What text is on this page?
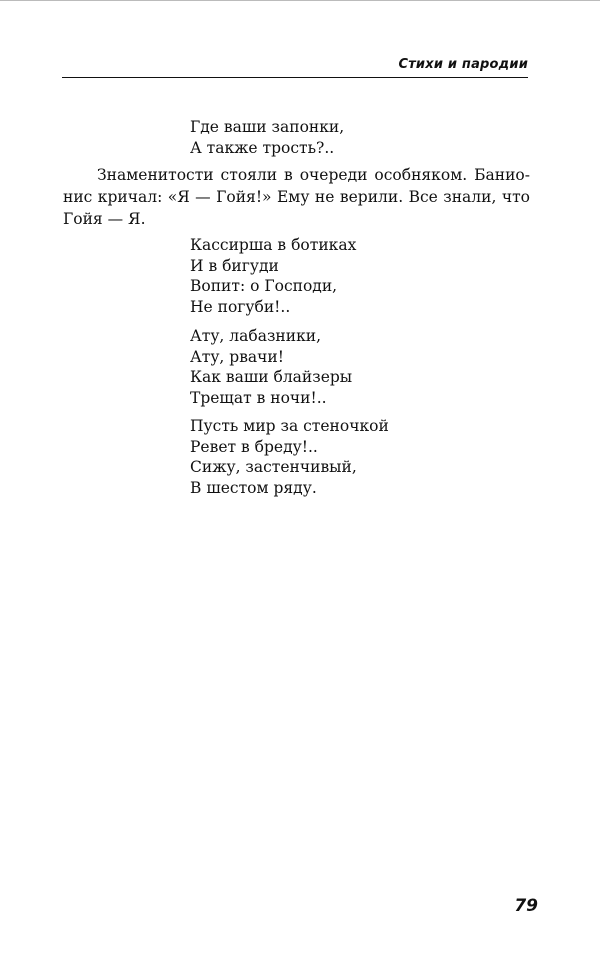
Стихи и пародии
Где ваши запонки,
А также трость?..
Знаменитости стояли в очереди особняком. Банио-
нис кричал: «Я — Гойя!» Ему не верили. Все знали, что
Гойя — Я.
Кассирша в ботиках
И в бигуди
Вопит: о Господи,
Не погуби!..
Ату, лабазники,
Ату, рвачи!
Как ваши блайзеры
Трещат в ночи!..
Пусть мир за стеночкой
Ревет в бреду!..
Сижу, застенчивый,
В шестом ряду.
79
